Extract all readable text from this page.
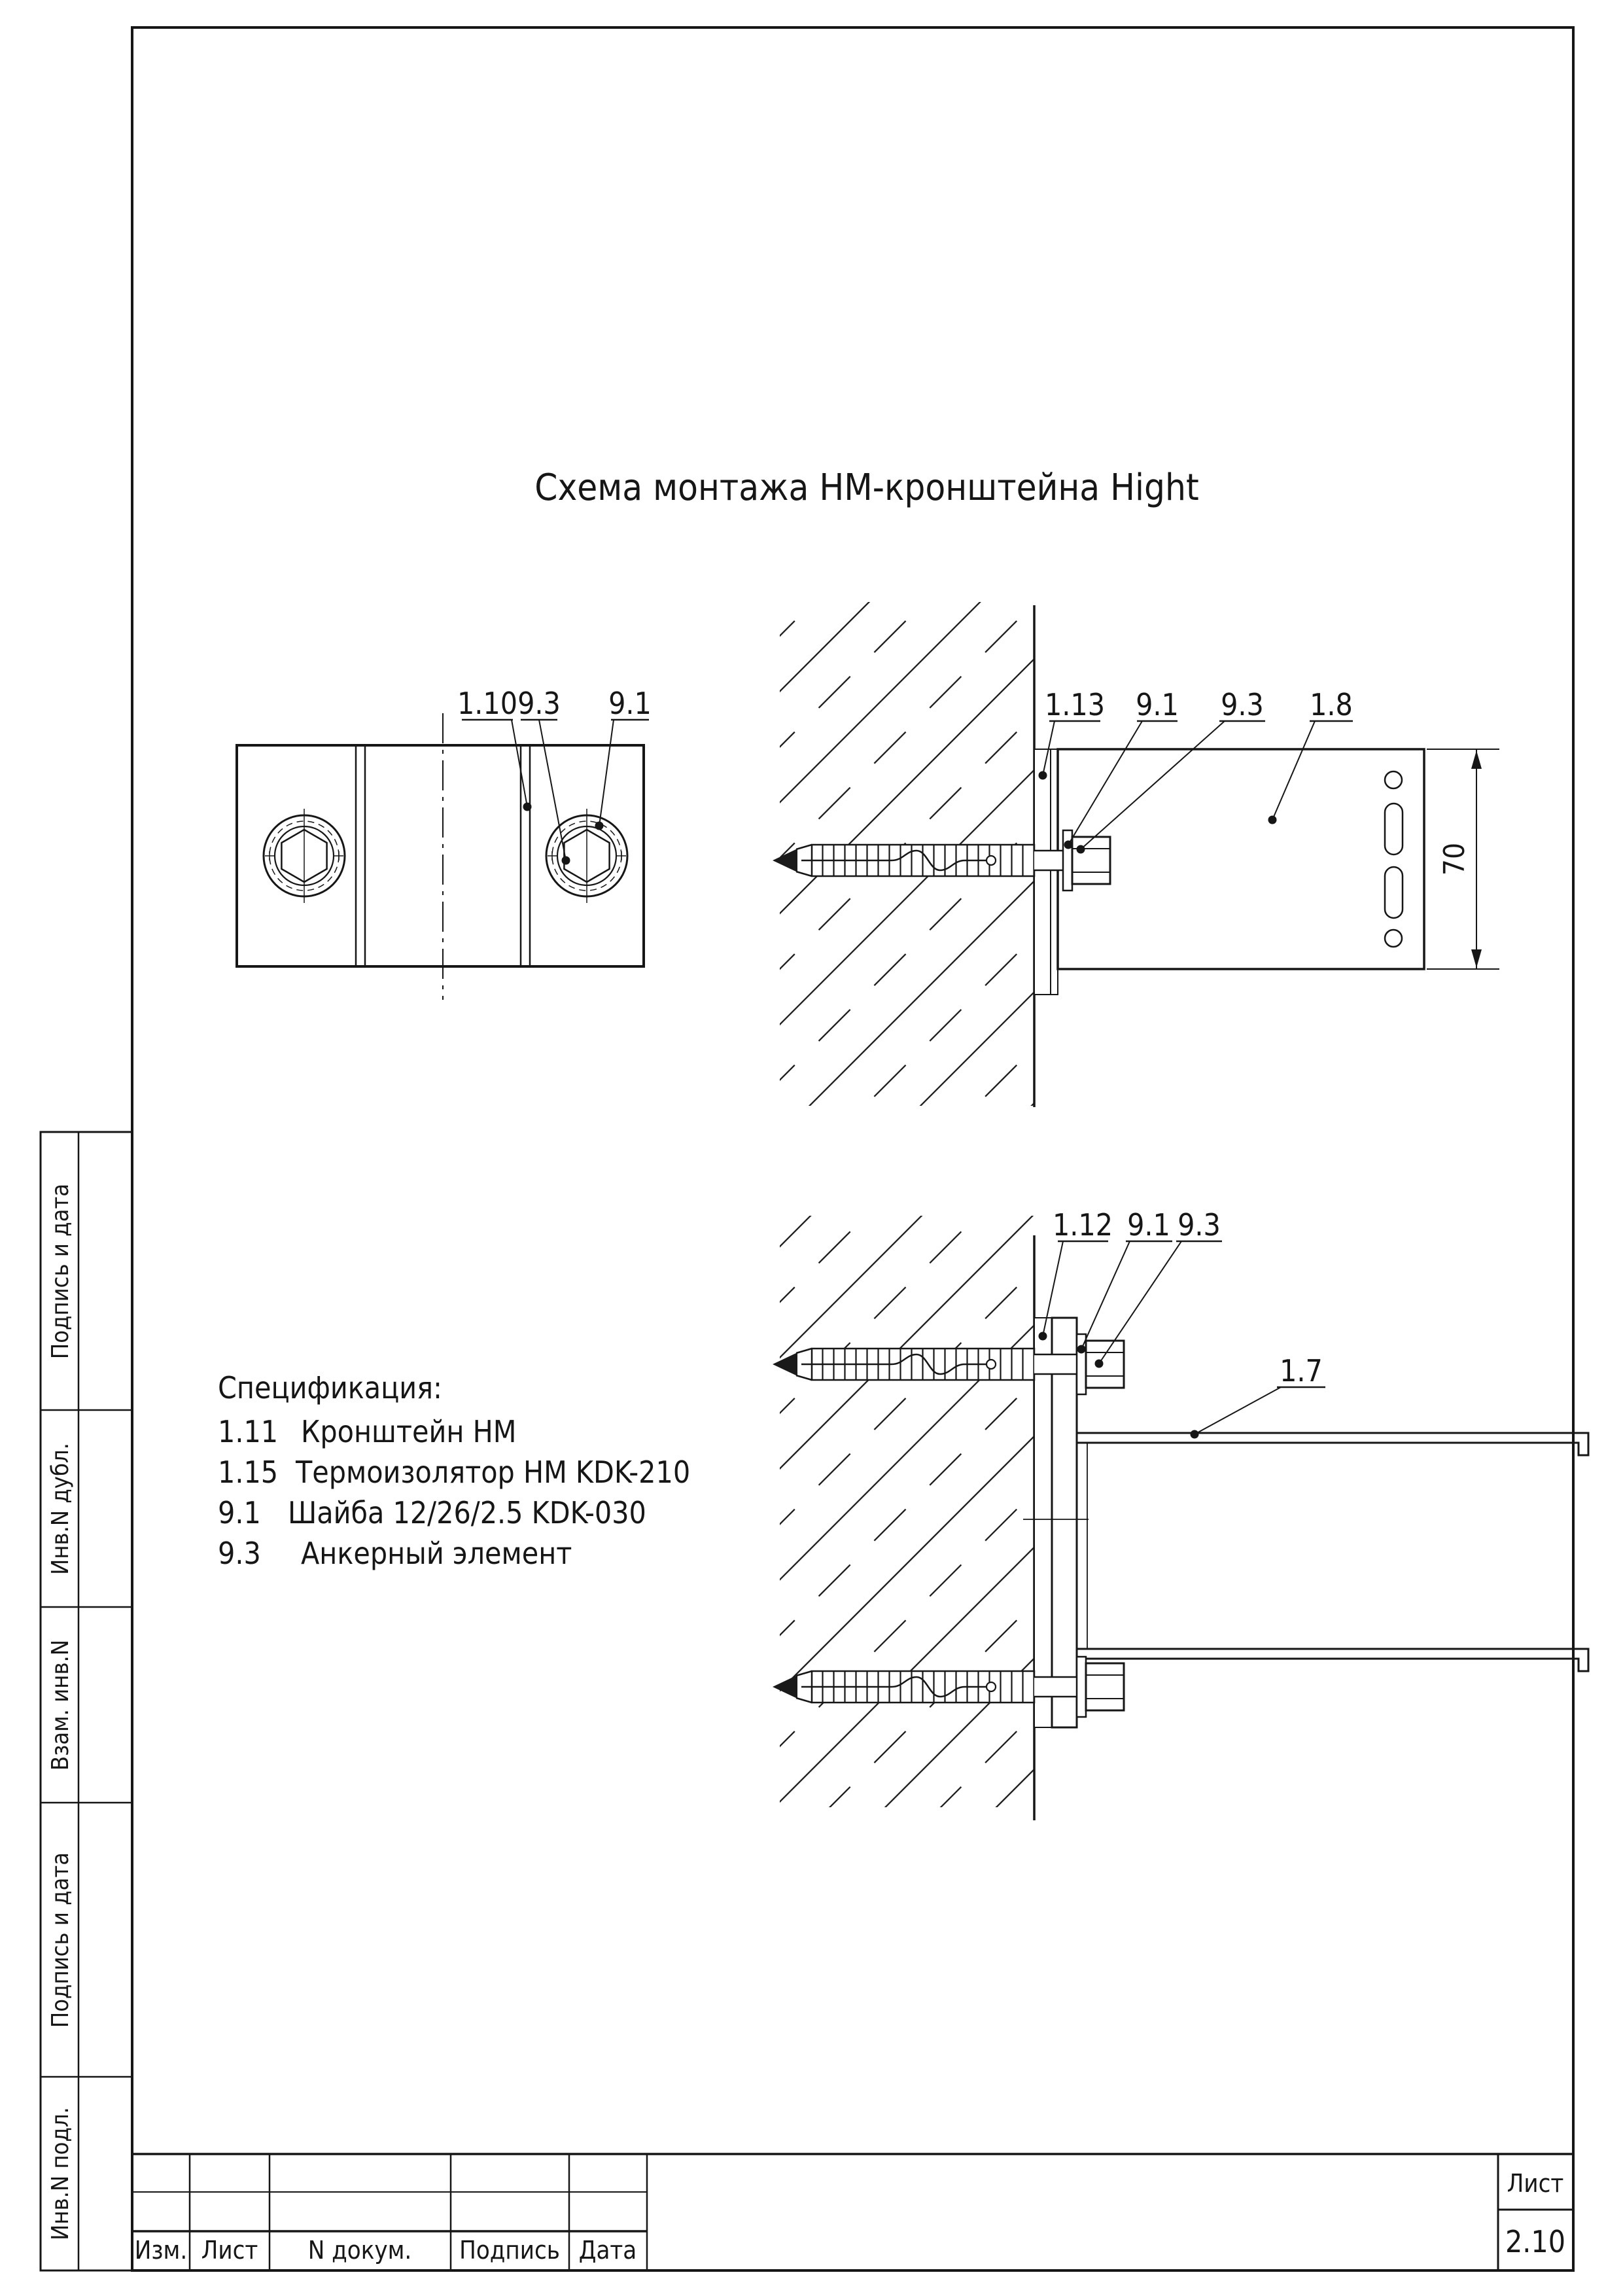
Схема монтажа НМ-кронштейна Hight
1.10 9.3 9.1
70
1.13 9.1 9.3 1.8
1.12 9.1 9.3
1.7
Спецификация:
1.11 Кронштейн НМ
1.15 Термоизолятор НМ KDK-210
9.1 Шайба 12/26/2.5 KDK-030
9.3 Анкерный элемент
Подпись и дата
Инв.N дубл.
Взам. инв.N
Подпись и дата
Инв.N подл.
Изм. Лист N докум. Подпись Дата
Лист
2.10
